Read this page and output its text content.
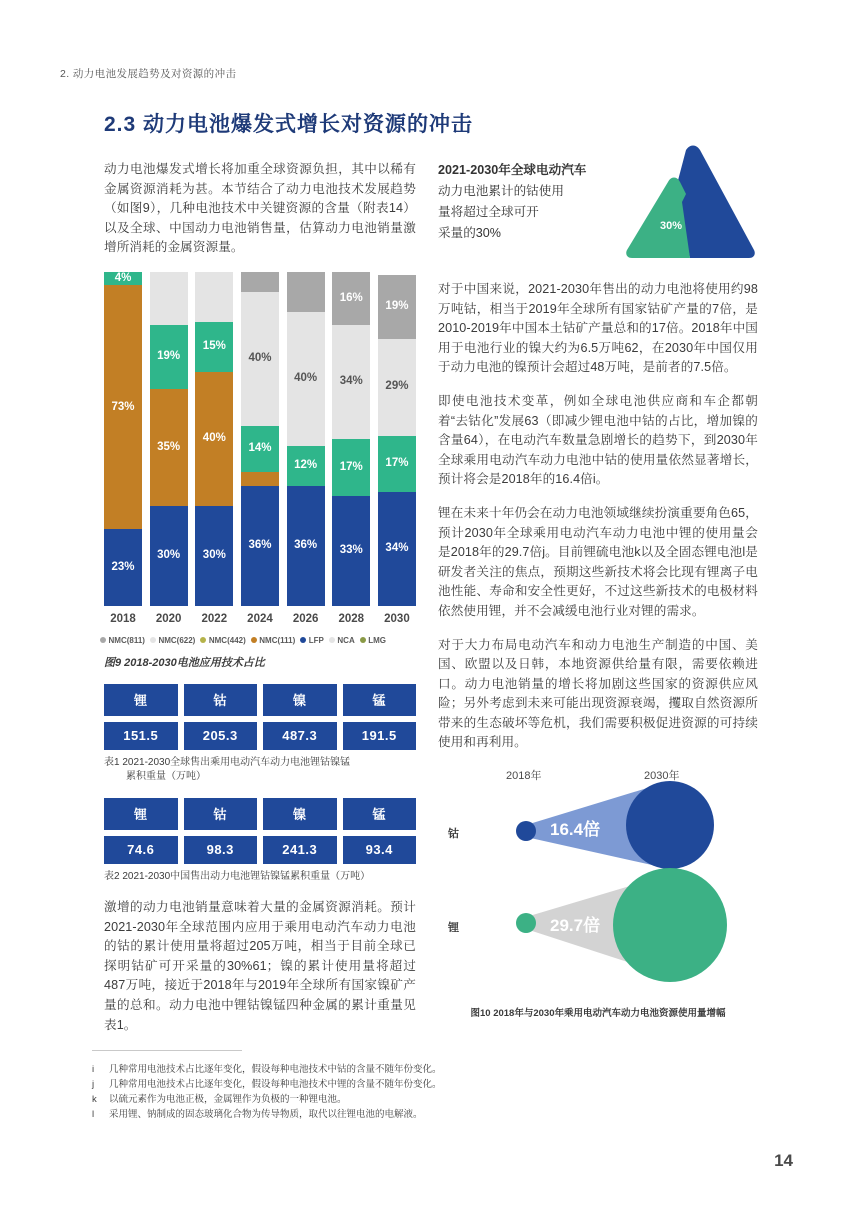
2. 动力电池发展趋势及对资源的冲击
2.3 动力电池爆发式增长对资源的冲击

动力电池爆发式增长将加重全球资源负担，其中以稀有金属资源消耗为甚。本节结合了动力电池技术发展趋势（如图9），几种电池技术中关键资源的含量（附表14）以及全球、中国动力电池销售量，估算动力电池销量激增所消耗的金属资源量。

4%
73%
23%
19%
35%
30%
15%
40%
30%
40%
14%
36%
40%
12%
36%
16%
34%
17%
33%
19%
29%
17%
34%
2018	2020	2022	2024	2026	2028	2030
NMC(811) NMC(622) NMC(442) NMC(111) LFP NCA LMG
图9 2018-2030电池应用技术占比
锂	钴	镍	锰
151.5	205.3	487.3	191.5
表1 2021-2030全球售出乘用电动汽车动力电池锂钴镍锰
累积重量（万吨）
锂	钴	镍	锰
74.6	98.3	241.3	93.4
表2 2021-2030中国售出动力电池锂钴镍锰累积重量（万吨）

激增的动力电池销量意味着大量的金属资源消耗。预计2021-2030年全球范围内应用于乘用电动汽车动力电池的钴的累计使用量将超过205万吨，相当于目前全球已探明钴矿可开采量的30%61；镍的累计使用量将超过487万吨，接近于2018年与2019年全球所有国家镍矿产量的总和。动力电池中锂钴镍锰四种金属的累计重量见表1。

2021-2030年全球电动汽车
动力电池累计的钴使用
量将超过全球可开
采量的30%	30%

对于中国来说，2021-2030年售出的动力电池将使用约98万吨钴，相当于2019年全球所有国家钴矿产量的7倍，是2010-2019年中国本土钴矿产量总和的17倍。2018年中国用于电池行业的镍大约为6.5万吨62，在2030年中国仅用于动力电池的镍预计会超过48万吨，是前者的7.5倍。

即使电池技术变革，例如全球电池供应商和车企都朝着“去钴化”发展63（即减少锂电池中钴的占比，增加镍的含量64），在电动汽车数量急剧增长的趋势下，到2030年全球乘用电动汽车动力电池中钴的使用量依然显著增长，预计将会是2018年的16.4倍i。

锂在未来十年仍会在动力电池领域继续扮演重要角色65，预计2030年全球乘用电动汽车动力电池中锂的使用量会是2018年的29.7倍j。目前锂硫电池k以及全固态锂电池l是研发者关注的焦点，预期这些新技术将会比现有锂离子电池性能、寿命和安全性更好，不过这些新技术的电极材料依然使用锂，并不会减缓电池行业对锂的需求。

对于大力布局电动汽车和动力电池生产制造的中国、美国、欧盟以及日韩，本地资源供给量有限，需要依赖进口。动力电池销量的增长将加剧这些国家的资源供应风险；另外考虑到未来可能出现资源衰竭，攫取自然资源所带来的生态破坏等危机，我们需要积极促进资源的可持续使用和再利用。

2018年	2030年
钴
锂
16.4倍
29.7倍
图10 2018年与2030年乘用电动汽车动力电池资源使用量增幅
i	几种常用电池技术占比逐年变化，假设每种电池技术中钴的含量不随年份变化。
j	几种常用电池技术占比逐年变化，假设每种电池技术中锂的含量不随年份变化。
k	以硫元素作为电池正极，金属锂作为负极的一种锂电池。
l	采用锂、钠制成的固态玻璃化合物为传导物质，取代以往锂电池的电解液。
14
